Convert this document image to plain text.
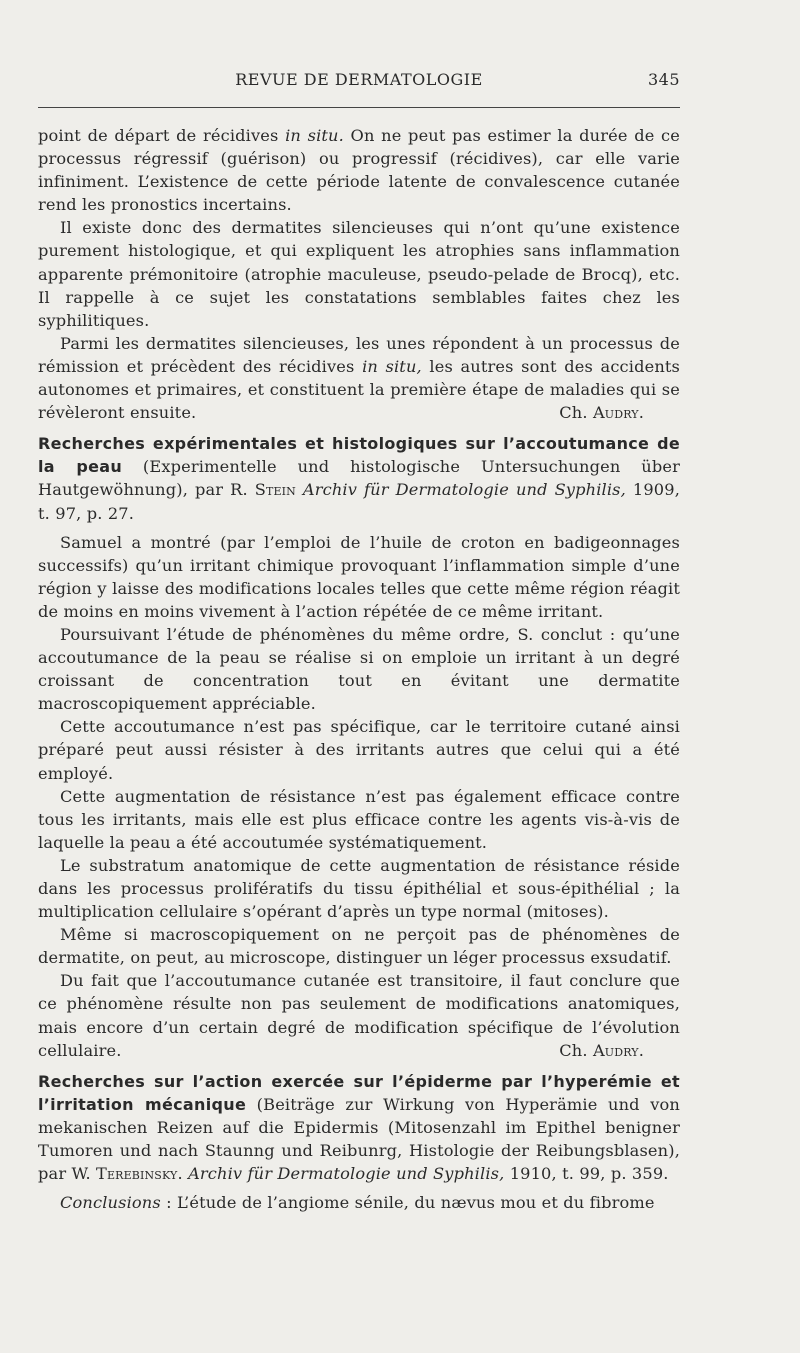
REVUE DE DERMATOLOGIE	345

point de départ de récidives in situ. On ne peut pas estimer la durée de ce processus régressif (guérison) ou progressif (récidives), car elle varie infiniment. L’existence de cette période latente de convalescence cutanée rend les pronostics incertains.

Il existe donc des dermatites silencieuses qui n’ont qu’une existence purement histologique, et qui expliquent les atrophies sans inflammation apparente prémonitoire (atrophie maculeuse, pseudo-pelade de Brocq), etc. Il rappelle à ce sujet les constatations semblables faites chez les syphilitiques.

Parmi les dermatites silencieuses, les unes répondent à un processus de rémission et précèdent des récidives in situ, les autres sont des accidents autonomes et primaires, et constituent la première étape de maladies qui se révèleront ensuite.	Ch. Audry.

Recherches expérimentales et histologiques sur l’accoutumance de la peau (Experimentelle und histologische Untersuchungen über Hautgewöhnung), par R. Stein Archiv für Dermatologie und Syphilis, 1909, t. 97, p. 27.

Samuel a montré (par l’emploi de l’huile de croton en badigeonnages successifs) qu’un irritant chimique provoquant l’inflammation simple d’une région y laisse des modifications locales telles que cette même région réagit de moins en moins vivement à l’action répétée de ce même irritant.

Poursuivant l’étude de phénomènes du même ordre, S. conclut : qu’une accoutumance de la peau se réalise si on emploie un irritant à un degré croissant de concentration tout en évitant une dermatite macroscopiquement appréciable.

Cette accoutumance n’est pas spécifique, car le territoire cutané ainsi préparé peut aussi résister à des irritants autres que celui qui a été employé.

Cette augmentation de résistance n’est pas également efficace contre tous les irritants, mais elle est plus efficace contre les agents vis-à-vis de laquelle la peau a été accoutumée systématiquement.

Le substratum anatomique de cette augmentation de résistance réside dans les processus prolifératifs du tissu épithélial et sous-épithélial ; la multiplication cellulaire s’opérant d’après un type normal (mitoses).

Même si macroscopiquement on ne perçoit pas de phénomènes de dermatite, on peut, au microscope, distinguer un léger processus exsudatif.

Du fait que l’accoutumance cutanée est transitoire, il faut conclure que ce phénomène résulte non pas seulement de modifications anatomiques, mais encore d’un certain degré de modification spécifique de l’évolution cellulaire.	Ch. Audry.

Recherches sur l’action exercée sur l’épiderme par l’hyperémie et l’irritation mécanique (Beiträge zur Wirkung von Hyperämie und von mekanischen Reizen auf die Epidermis (Mitosenzahl im Epithel benigner Tumoren und nach Staunng und Reibunrg, Histologie der Reibungsblasen), par W. Terebinsky. Archiv für Dermatologie und Syphilis, 1910, t. 99, p. 359.

Conclusions : L’étude de l’angiome sénile, du nævus mou et du fibrome
